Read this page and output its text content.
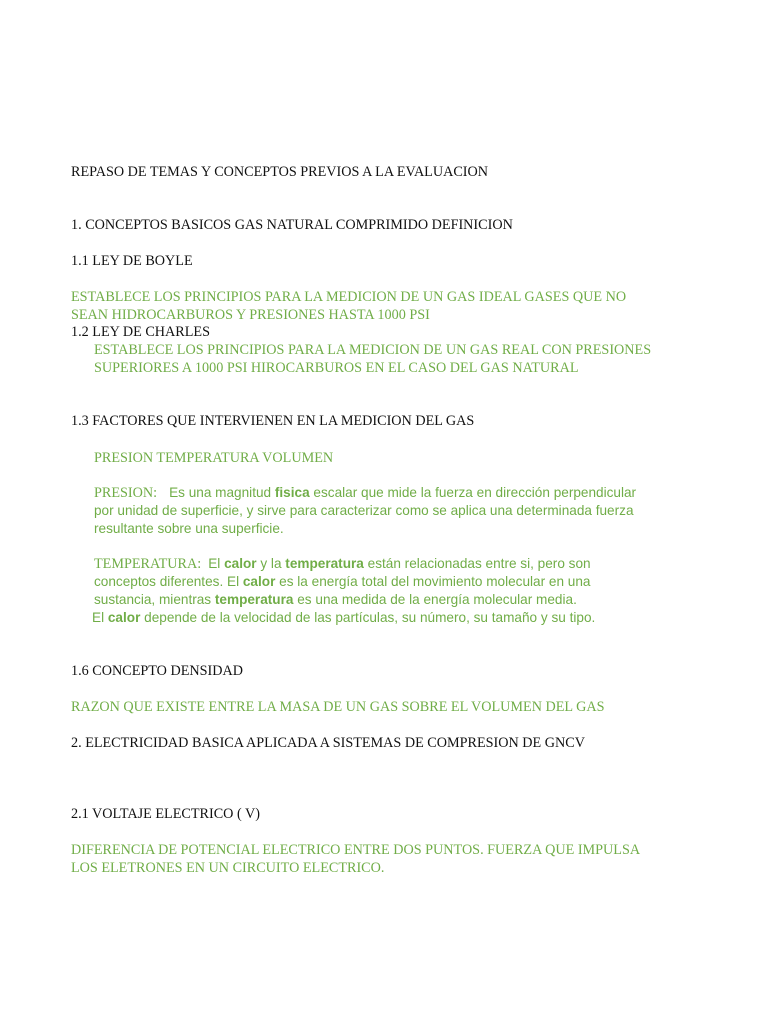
REPASO DE TEMAS Y CONCEPTOS PREVIOS A LA EVALUACION

1. CONCEPTOS BASICOS GAS NATURAL COMPRIMIDO DEFINICION

1.1 LEY DE BOYLE

ESTABLECE LOS PRINCIPIOS PARA LA MEDICION DE UN GAS IDEAL GASES QUE NO

SEAN HIDROCARBUROS Y PRESIONES HASTA 1000 PSI

1.2 LEY DE CHARLES

ESTABLECE LOS PRINCIPIOS PARA LA MEDICION DE UN GAS REAL CON PRESIONES

SUPERIORES A 1000 PSI HIROCARBUROS EN EL CASO DEL GAS NATURAL

1.3 FACTORES QUE INTERVIENEN EN LA MEDICION DEL GAS

PRESION TEMPERATURA VOLUMEN

PRESION: Es una magnitud fisica escalar que mide la fuerza en dirección perpendicular

por unidad de superficie, y sirve para caracterizar como se aplica una determinada fuerza

resultante sobre una superficie.

TEMPERATURA: El calor y la temperatura están relacionadas entre si, pero son

conceptos diferentes. El calor es la energía total del movimiento molecular en una

sustancia, mientras temperatura es una medida de la energía molecular media.

El calor depende de la velocidad de las partículas, su número, su tamaño y su tipo.

1.6 CONCEPTO DENSIDAD

RAZON QUE EXISTE ENTRE LA MASA DE UN GAS SOBRE EL VOLUMEN DEL GAS

2. ELECTRICIDAD BASICA APLICADA A SISTEMAS DE COMPRESION DE GNCV

2.1 VOLTAJE ELECTRICO ( V)

DIFERENCIA DE POTENCIAL ELECTRICO ENTRE DOS PUNTOS. FUERZA QUE IMPULSA

LOS ELETRONES EN UN CIRCUITO ELECTRICO.
